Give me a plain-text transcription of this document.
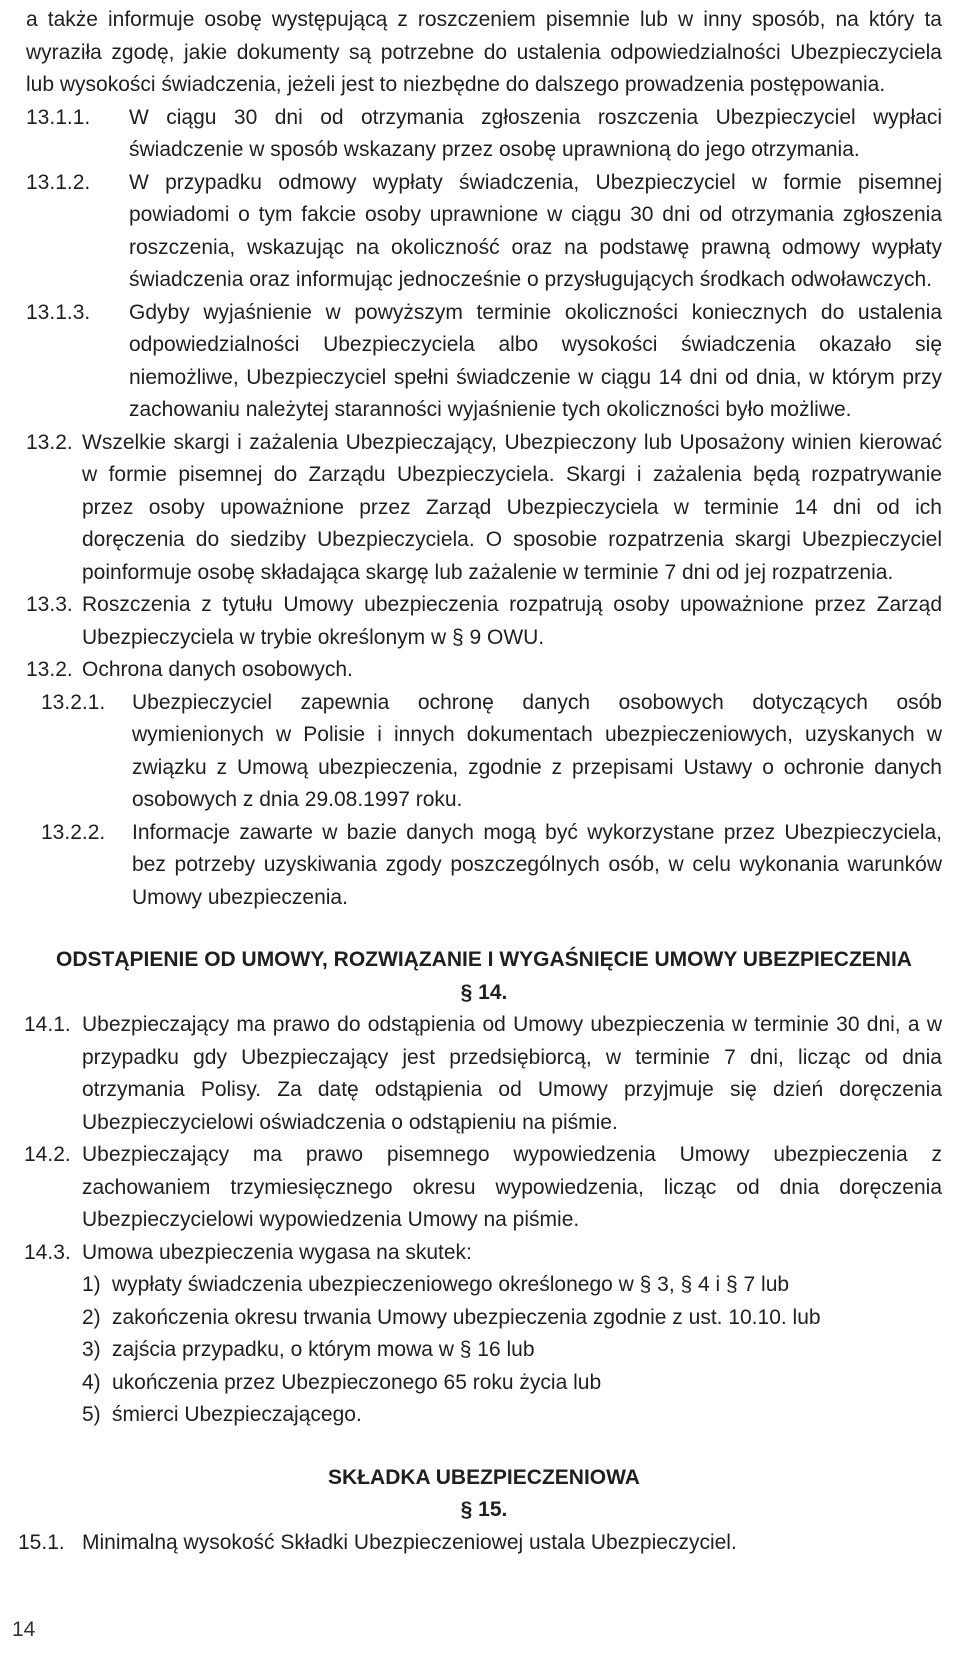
a także informuje osobę występującą z roszczeniem pisemnie lub w inny sposób, na który ta wyraziła zgodę, jakie dokumenty są potrzebne do ustalenia odpowiedzialności Ubezpieczyciela lub wysokości świadczenia, jeżeli jest to niezbędne do dalszego prowadzenia postępowania.

13.1.1. W ciągu 30 dni od otrzymania zgłoszenia roszczenia Ubezpieczyciel wypłaci świadczenie w sposób wskazany przez osobę uprawnioną do jego otrzymania.
13.1.2. W przypadku odmowy wypłaty świadczenia, Ubezpieczyciel w formie pisemnej powiadomi o tym fakcie osoby uprawnione w ciągu 30 dni od otrzymania zgłoszenia roszczenia, wskazując na okoliczność oraz na podstawę prawną odmowy wypłaty świadczenia oraz informując jednocześnie o przysługujących środkach odwoławczych.
13.1.3. Gdyby wyjaśnienie w powyższym terminie okoliczności koniecznych do ustalenia odpowiedzialności Ubezpieczyciela albo wysokości świadczenia okazało się niemożliwe, Ubezpieczyciel spełni świadczenie w ciągu 14 dni od dnia, w którym przy zachowaniu należytej staranności wyjaśnienie tych okoliczności było możliwe.
13.2. Wszelkie skargi i zażalenia Ubezpieczający, Ubezpieczony lub Uposażony winien kierować w formie pisemnej do Zarządu Ubezpieczyciela. Skargi i zażalenia będą rozpatrywanie przez osoby upoważnione przez Zarząd Ubezpieczyciela w terminie 14 dni od ich doręczenia do siedziby Ubezpieczyciela. O sposobie rozpatrzenia skargi Ubezpieczyciel poinformuje osobę składająca skargę lub zażalenie w terminie 7 dni od jej rozpatrzenia.
13.3. Roszczenia z tytułu Umowy ubezpieczenia rozpatrują osoby upoważnione przez Zarząd Ubezpieczyciela w trybie określonym w § 9 OWU.
13.2. Ochrona danych osobowych.
13.2.1. Ubezpieczyciel zapewnia ochronę danych osobowych dotyczących osób wymienionych w Polisie i innych dokumentach ubezpieczeniowych, uzyskanych w związku z Umową ubezpieczenia, zgodnie z przepisami Ustawy o ochronie danych osobowych z dnia 29.08.1997 roku.
13.2.2. Informacje zawarte w bazie danych mogą być wykorzystane przez Ubezpieczyciela, bez potrzeby uzyskiwania zgody poszczególnych osób, w celu wykonania warunków Umowy ubezpieczenia.
ODSTĄPIENIE OD UMOWY, ROZWIĄZANIE I WYGAŚNIĘCIE UMOWY UBEZPIECZENIA
§ 14.
14.1. Ubezpieczający ma prawo do odstąpienia od Umowy ubezpieczenia w terminie 30 dni, a w przypadku gdy Ubezpieczający jest przedsiębiorcą, w terminie 7 dni, licząc od dnia otrzymania Polisy. Za datę odstąpienia od Umowy przyjmuje się dzień doręczenia Ubezpieczycielowi oświadczenia o odstąpieniu na piśmie.
14.2. Ubezpieczający ma prawo pisemnego wypowiedzenia Umowy ubezpieczenia z zachowaniem trzymiesięcznego okresu wypowiedzenia, licząc od dnia doręczenia Ubezpieczycielowi wypowiedzenia Umowy na piśmie.
14.3. Umowa ubezpieczenia wygasa na skutek:
1) wypłaty świadczenia ubezpieczeniowego określonego w § 3, § 4 i § 7 lub
2) zakończenia okresu trwania Umowy ubezpieczenia zgodnie z ust. 10.10. lub
3) zajścia przypadku, o którym mowa w § 16 lub
4) ukończenia przez Ubezpieczonego 65 roku życia lub
5) śmierci Ubezpieczającego.
SKŁADKA UBEZPIECZENIOWA
§ 15.
15.1. Minimalną wysokość Składki Ubezpieczeniowej ustala Ubezpieczyciel.
14
